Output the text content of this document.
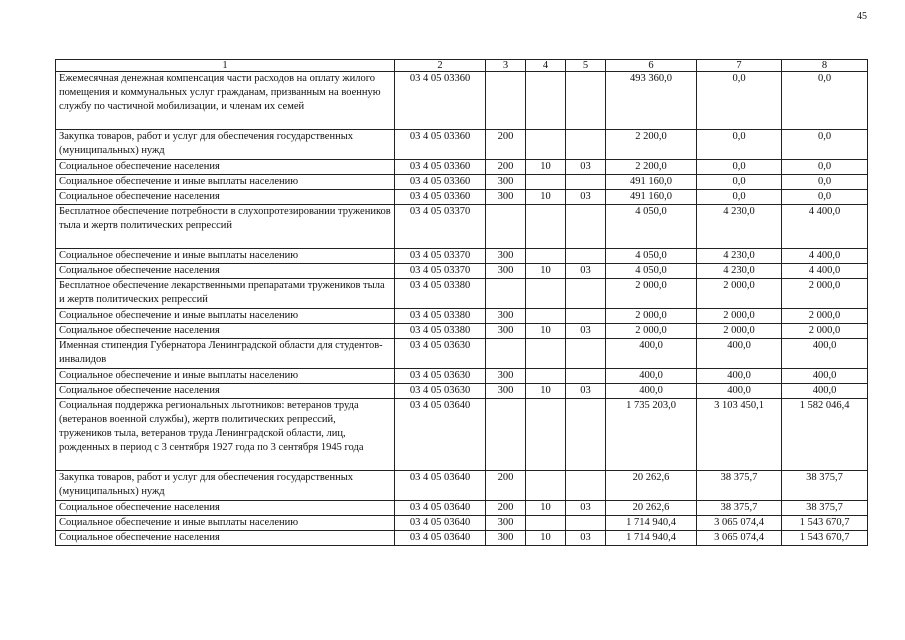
45
1	2	3	4	5	6	7	8
Ежемесячная денежная компенсация части расходов на оплату жилого помещения и коммунальных услуг гражданам, призванным на военную службу по частичной мобилизации, и членам их семей	03 4 05 03360				493 360,0	0,0	0,0
Закупка товаров, работ и услуг для обеспечения государственных (муниципальных) нужд	03 4 05 03360	200			2 200,0	0,0	0,0
Социальное обеспечение населения	03 4 05 03360	200	10	03	2 200,0	0,0	0,0
Социальное обеспечение и иные выплаты населению	03 4 05 03360	300			491 160,0	0,0	0,0
Социальное обеспечение населения	03 4 05 03360	300	10	03	491 160,0	0,0	0,0
Бесплатное обеспечение потребности в слухопротезировании тружеников тыла и жертв политических репрессий	03 4 05 03370				4 050,0	4 230,0	4 400,0
Социальное обеспечение и иные выплаты населению	03 4 05 03370	300			4 050,0	4 230,0	4 400,0
Социальное обеспечение населения	03 4 05 03370	300	10	03	4 050,0	4 230,0	4 400,0
Бесплатное обеспечение лекарственными препаратами тружеников тыла и жертв политических репрессий	03 4 05 03380				2 000,0	2 000,0	2 000,0
Социальное обеспечение и иные выплаты населению	03 4 05 03380	300			2 000,0	2 000,0	2 000,0
Социальное обеспечение населения	03 4 05 03380	300	10	03	2 000,0	2 000,0	2 000,0
Именная стипендия Губернатора Ленинградской области для студентов-инвалидов	03 4 05 03630				400,0	400,0	400,0
Социальное обеспечение и иные выплаты населению	03 4 05 03630	300			400,0	400,0	400,0
Социальное обеспечение населения	03 4 05 03630	300	10	03	400,0	400,0	400,0
Социальная поддержка региональных льготников: ветеранов труда (ветеранов военной службы), жертв политических репрессий, тружеников тыла, ветеранов труда Ленинградской области, лиц, рожденных в период с 3 сентября 1927 года по 3 сентября 1945 года	03 4 05 03640				1 735 203,0	3 103 450,1	1 582 046,4
Закупка товаров, работ и услуг для обеспечения государственных (муниципальных) нужд	03 4 05 03640	200			20 262,6	38 375,7	38 375,7
Социальное обеспечение населения	03 4 05 03640	200	10	03	20 262,6	38 375,7	38 375,7
Социальное обеспечение и иные выплаты населению	03 4 05 03640	300			1 714 940,4	3 065 074,4	1 543 670,7
Социальное обеспечение населения	03 4 05 03640	300	10	03	1 714 940,4	3 065 074,4	1 543 670,7
